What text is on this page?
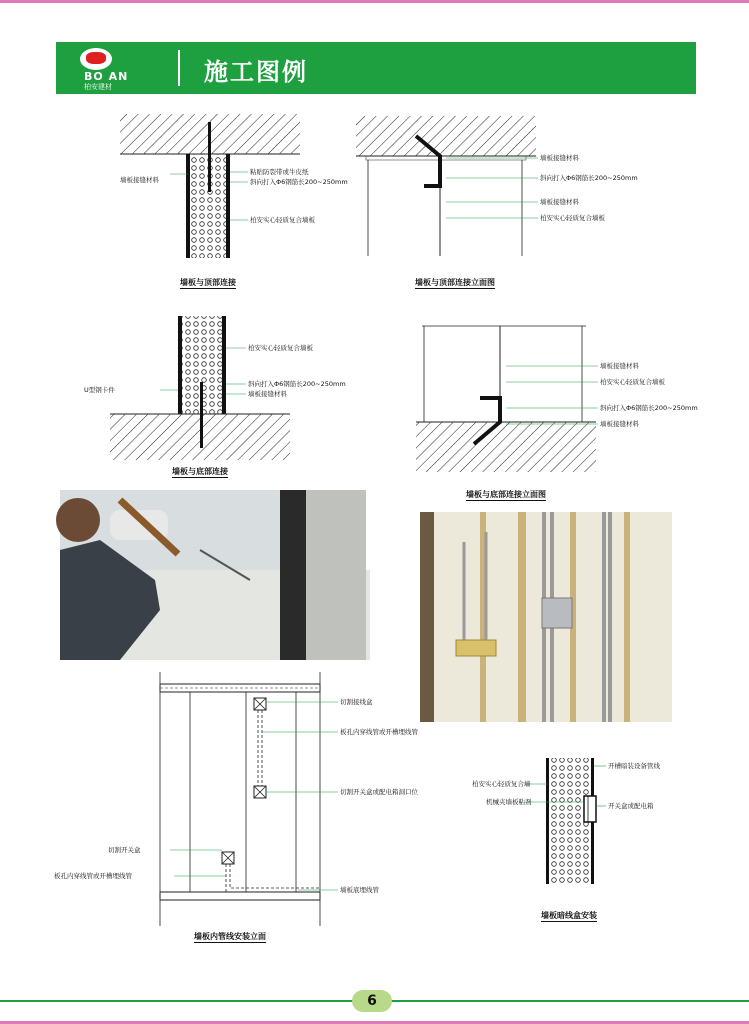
BO AN
柏安建材
施工图例
粘贴防裂带或牛皮纸
斜向打入Φ6钢筋长200~250mm
墙板接缝材料
柏安实心轻质复合墙板
墙板与顶部连接
墙板接缝材料
斜向打入Φ6钢筋长200~250mm
墙板接缝材料
柏安实心轻质复合墙板
墙板与顶部连接立面图
柏安实心轻质复合墙板
U型钢卡件
斜向打入Φ6钢筋长200~250mm
墙板接缝材料
墙板与底部连接
墙板接缝材料
柏安实心轻质复合墙板
斜向打入Φ6钢筋长200~250mm
墙板接缝材料
墙板与底部连接立面图
切割接线盒
板孔内穿线管或开槽埋线管
切割开关盒或配电箱洞口位
切割开关盒
板孔内穿线管或开槽埋线管
墙板底埋线管
墙板内管线安装立面
开槽暗装设备管线
柏安实心轻质复合墙
机械夹墙板粘剂	开关盒或配电箱
墙板暗线盒安装
6
